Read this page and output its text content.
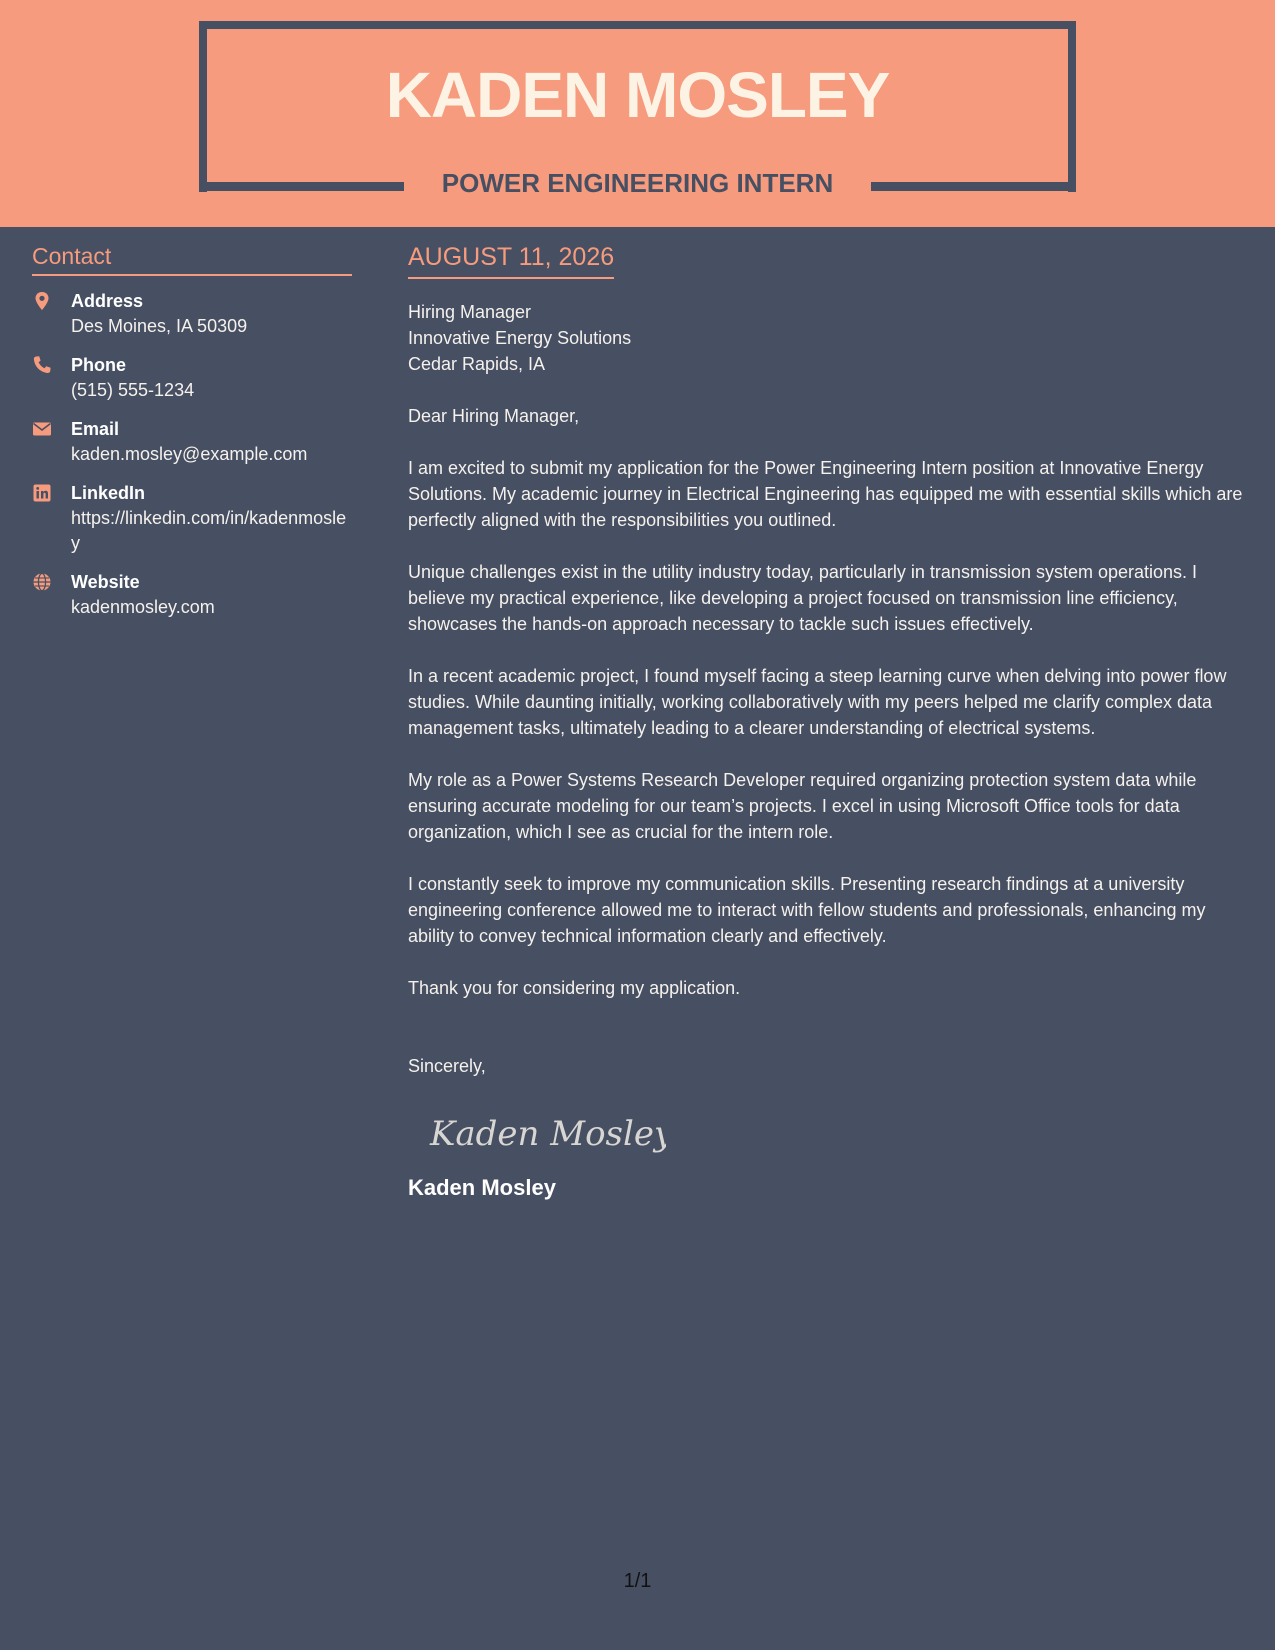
KADEN MOSLEY
POWER ENGINEERING INTERN
Contact
Address
Des Moines, IA 50309
Phone
(515) 555-1234
Email
kaden.mosley@example.com
LinkedIn
https://linkedin.com/in/kadenmosley
Website
kadenmosley.com
AUGUST 11, 2026
Hiring Manager
Innovative Energy Solutions
Cedar Rapids, IA
Dear Hiring Manager,
I am excited to submit my application for the Power Engineering Intern position at Innovative Energy Solutions. My academic journey in Electrical Engineering has equipped me with essential skills which are perfectly aligned with the responsibilities you outlined.
Unique challenges exist in the utility industry today, particularly in transmission system operations. I believe my practical experience, like developing a project focused on transmission line efficiency, showcases the hands-on approach necessary to tackle such issues effectively.
In a recent academic project, I found myself facing a steep learning curve when delving into power flow studies. While daunting initially, working collaboratively with my peers helped me clarify complex data management tasks, ultimately leading to a clearer understanding of electrical systems.
My role as a Power Systems Research Developer required organizing protection system data while ensuring accurate modeling for our team’s projects. I excel in using Microsoft Office tools for data organization, which I see as crucial for the intern role.
I constantly seek to improve my communication skills. Presenting research findings at a university engineering conference allowed me to interact with fellow students and professionals, enhancing my ability to convey technical information clearly and effectively.
Thank you for considering my application.
Sincerely,
Kaden Mosley
Kaden Mosley
1/1
